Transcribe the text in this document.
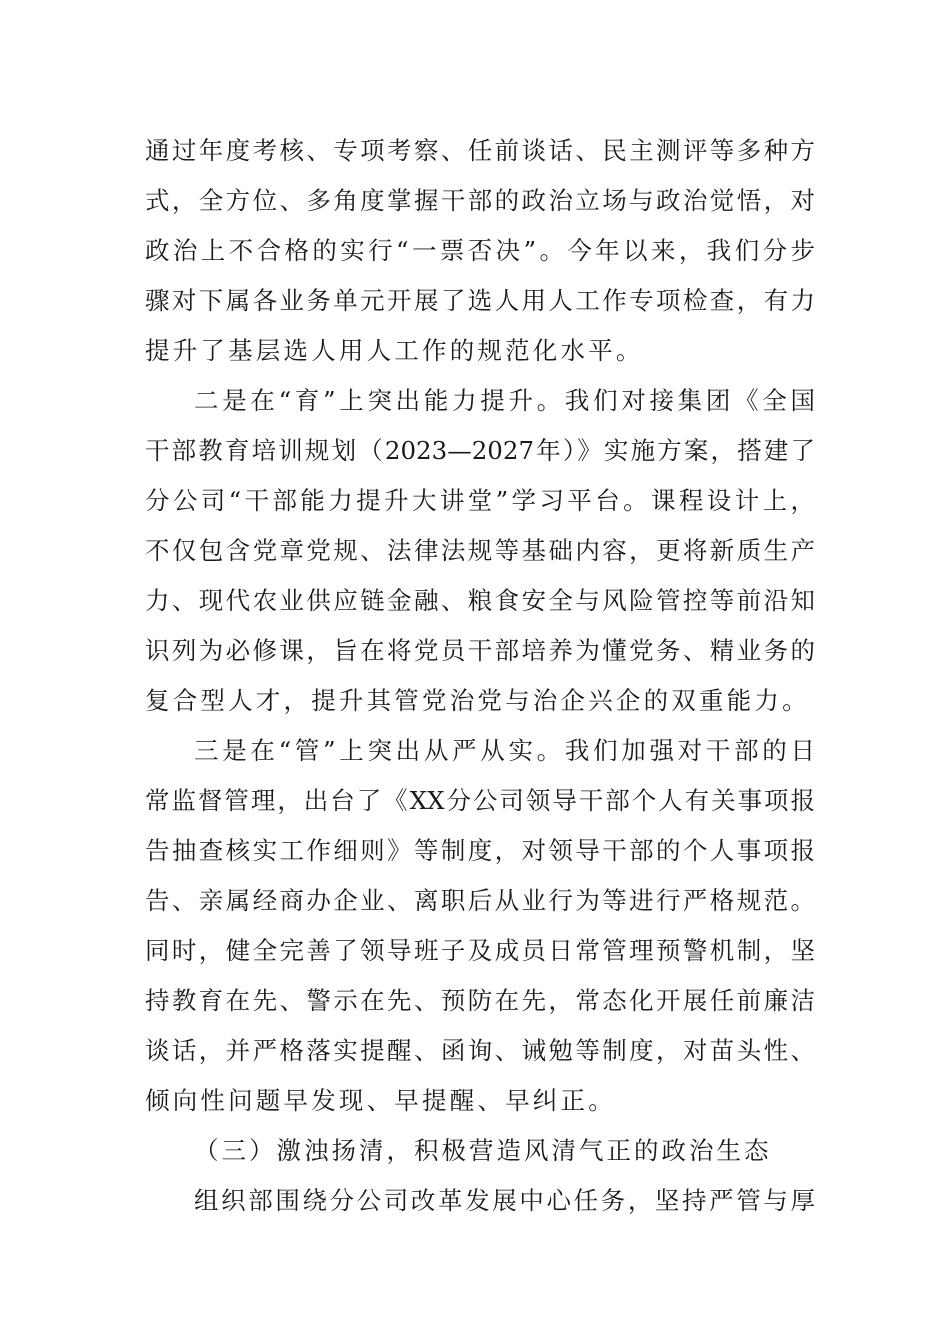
通过年度考核、专项考察、任前谈话、民主测评等多种方
式，全方位、多角度掌握干部的政治立场与政治觉悟，对
政治上不合格的实行“一票否决”。今年以来，我们分步
骤对下属各业务单元开展了选人用人工作专项检查，有力
提升了基层选人用人工作的规范化水平。
二是在“育”上突出能力提升。我们对接集团《全国
干部教育培训规划（2023—2027年）》实施方案，搭建了
分公司“干部能力提升大讲堂”学习平台。课程设计上，
不仅包含党章党规、法律法规等基础内容，更将新质生产
力、现代农业供应链金融、粮食安全与风险管控等前沿知
识列为必修课，旨在将党员干部培养为懂党务、精业务的
复合型人才，提升其管党治党与治企兴企的双重能力。
三是在“管”上突出从严从实。我们加强对干部的日
常监督管理，出台了《XX分公司领导干部个人有关事项报
告抽查核实工作细则》等制度，对领导干部的个人事项报
告、亲属经商办企业、离职后从业行为等进行严格规范。
同时，健全完善了领导班子及成员日常管理预警机制，坚
持教育在先、警示在先、预防在先，常态化开展任前廉洁
谈话，并严格落实提醒、函询、诫勉等制度，对苗头性、
倾向性问题早发现、早提醒、早纠正。
（三）激浊扬清，积极营造风清气正的政治生态
组织部围绕分公司改革发展中心任务，坚持严管与厚
